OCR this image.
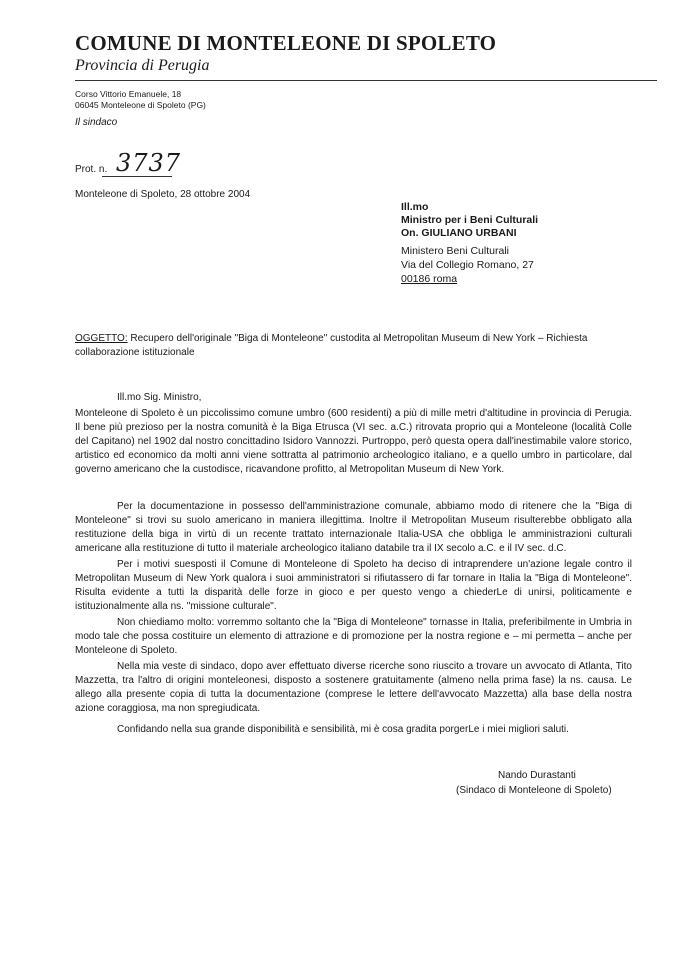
COMUNE DI MONTELEONE DI SPOLETO
Provincia di Perugia
Corso Vittorio Emanuele, 18
06045 Monteleone di Spoleto (PG)
Il sindaco
Prot. n. 3737
Monteleone di Spoleto, 28 ottobre 2004
Ill.mo
Ministro per i Beni Culturali
On. GIULIANO URBANI
Ministero Beni Culturali
Via del Collegio Romano, 27
00186 roma
OGGETTO: Recupero dell'originale "Biga di Monteleone" custodita al Metropolitan Museum di New York – Richiesta collaborazione istituzionale
Ill.mo Sig. Ministro,
Monteleone di Spoleto è un piccolissimo comune umbro (600 residenti) a più di mille metri d'altitudine in provincia di Perugia. Il bene più prezioso per la nostra comunità è la Biga Etrusca (VI sec. a.C.) ritrovata proprio qui a Monteleone (località Colle del Capitano) nel 1902 dal nostro concittadino Isidoro Vannozzi. Purtroppo, però questa opera dall'inestimabile valore storico, artistico ed economico da molti anni viene sottratta al patrimonio archeologico italiano, e a quello umbro in particolare, dal governo americano che la custodisce, ricavandone profitto, al Metropolitan Museum di New York.
Per la documentazione in possesso dell'amministrazione comunale, abbiamo modo di ritenere che la "Biga di Monteleone" si trovi su suolo americano in maniera illegittima. Inoltre il Metropolitan Museum risulterebbe obbligato alla restituzione della biga in virtù di un recente trattato internazionale Italia-USA che obbliga le amministrazioni culturali americane alla restituzione di tutto il materiale archeologico italiano databile tra il IX secolo a.C. e il IV sec. d.C.
Per i motivi suesposti il Comune di Monteleone di Spoleto ha deciso di intraprendere un'azione legale contro il Metropolitan Museum di New York qualora i suoi amministratori si rifiutassero di far tornare in Italia la "Biga di Monteleone". Risulta evidente a tutti la disparità delle forze in gioco e per questo vengo a chiederLe di unirsi, politicamente e istituzionalmente alla ns. "missione culturale".
Non chiediamo molto: vorremmo soltanto che la "Biga di Monteleone" tornasse in Italia, preferibilmente in Umbria in modo tale che possa costituire un elemento di attrazione e di promozione per la nostra regione e – mi permetta – anche per Monteleone di Spoleto.
Nella mia veste di sindaco, dopo aver effettuato diverse ricerche sono riuscito a trovare un avvocato di Atlanta, Tito Mazzetta, tra l'altro di origini monteleonesi, disposto a sostenere gratuitamente (almeno nella prima fase) la ns. causa. Le allego alla presente copia di tutta la documentazione (comprese le lettere dell'avvocato Mazzetta) alla base della nostra azione coraggiosa, ma non spregiudicata.
Confidando nella sua grande disponibilità e sensibilità, mi è cosa gradita porgerLe i miei migliori saluti.
Nando Durastanti
(Sindaco di Monteleone di Spoleto)
